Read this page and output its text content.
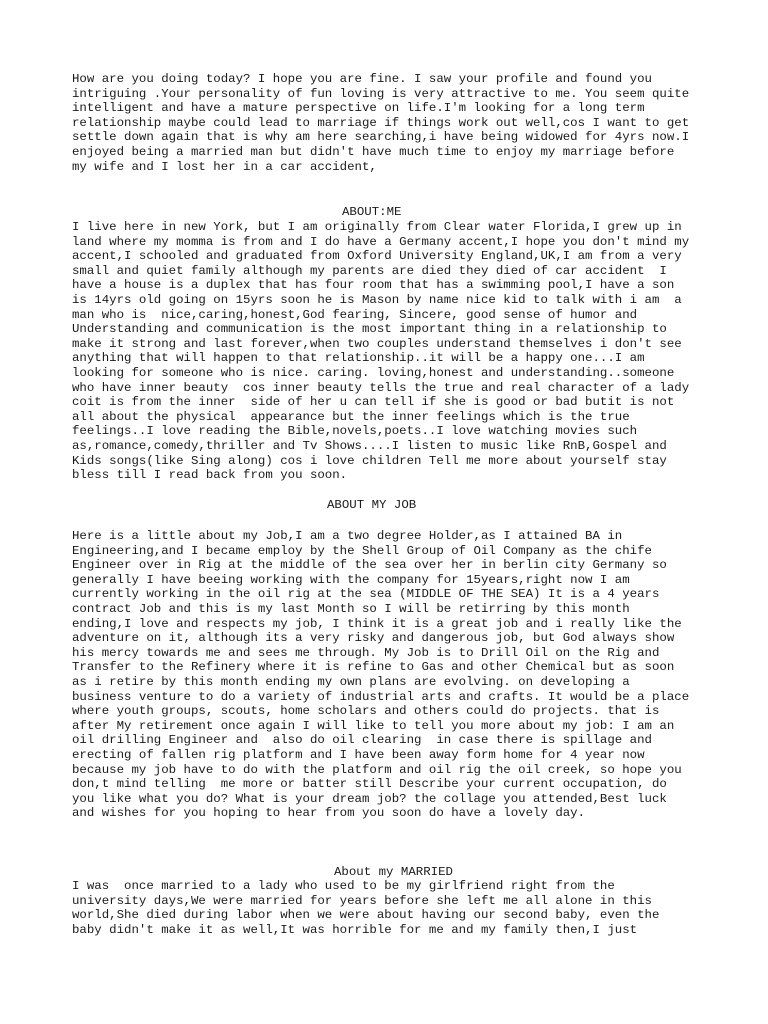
How are you doing today? I hope you are fine. I saw your profile and found you
intriguing .Your personality of fun loving is very attractive to me. You seem quite
intelligent and have a mature perspective on life.I'm looking for a long term
relationship maybe could lead to marriage if things work out well,cos I want to get
settle down again that is why am here searching,i have being widowed for 4yrs now.I
enjoyed being a married man but didn't have much time to enjoy my marriage before
my wife and I lost her in a car accident,

ABOUT:ME

I live here in new York, but I am originally from Clear water Florida,I grew up in
land where my momma is from and I do have a Germany accent,I hope you don't mind my
accent,I schooled and graduated from Oxford University England,UK,I am from a very
small and quiet family although my parents are died they died of car accident  I
have a house is a duplex that has four room that has a swimming pool,I have a son
is 14yrs old going on 15yrs soon he is Mason by name nice kid to talk with i am  a
man who is  nice,caring,honest,God fearing, Sincere, good sense of humor and
Understanding and communication is the most important thing in a relationship to
make it strong and last forever,when two couples understand themselves i don't see
anything that will happen to that relationship..it will be a happy one...I am
looking for someone who is nice. caring. loving,honest and understanding..someone
who have inner beauty  cos inner beauty tells the true and real character of a lady
coit is from the inner  side of her u can tell if she is good or bad butit is not
all about the physical  appearance but the inner feelings which is the true
feelings..I love reading the Bible,novels,poets..I love watching movies such
as,romance,comedy,thriller and Tv Shows....I listen to music like RnB,Gospel and
Kids songs(like Sing along) cos i love children Tell me more about yourself stay
bless till I read back from you soon.

ABOUT MY JOB

Here is a little about my Job,I am a two degree Holder,as I attained BA in
Engineering,and I became employ by the Shell Group of Oil Company as the chife
Engineer over in Rig at the middle of the sea over her in berlin city Germany so
generally I have beeing working with the company for 15years,right now I am
currently working in the oil rig at the sea (MIDDLE OF THE SEA) It is a 4 years
contract Job and this is my last Month so I will be retirring by this month
ending,I love and respects my job, I think it is a great job and i really like the
adventure on it, although its a very risky and dangerous job, but God always show
his mercy towards me and sees me through. My Job is to Drill Oil on the Rig and
Transfer to the Refinery where it is refine to Gas and other Chemical but as soon
as i retire by this month ending my own plans are evolving. on developing a
business venture to do a variety of industrial arts and crafts. It would be a place
where youth groups, scouts, home scholars and others could do projects. that is
after My retirement once again I will like to tell you more about my job: I am an
oil drilling Engineer and  also do oil clearing  in case there is spillage and
erecting of fallen rig platform and I have been away form home for 4 year now
because my job have to do with the platform and oil rig the oil creek, so hope you
don,t mind telling  me more or batter still Describe your current occupation, do
you like what you do? What is your dream job? the collage you attended,Best luck
and wishes for you hoping to hear from you soon do have a lovely day.

About my MARRIED

I was  once married to a lady who used to be my girlfriend right from the
university days,We were married for years before she left me all alone in this
world,She died during labor when we were about having our second baby, even the
baby didn't make it as well,It was horrible for me and my family then,I just
